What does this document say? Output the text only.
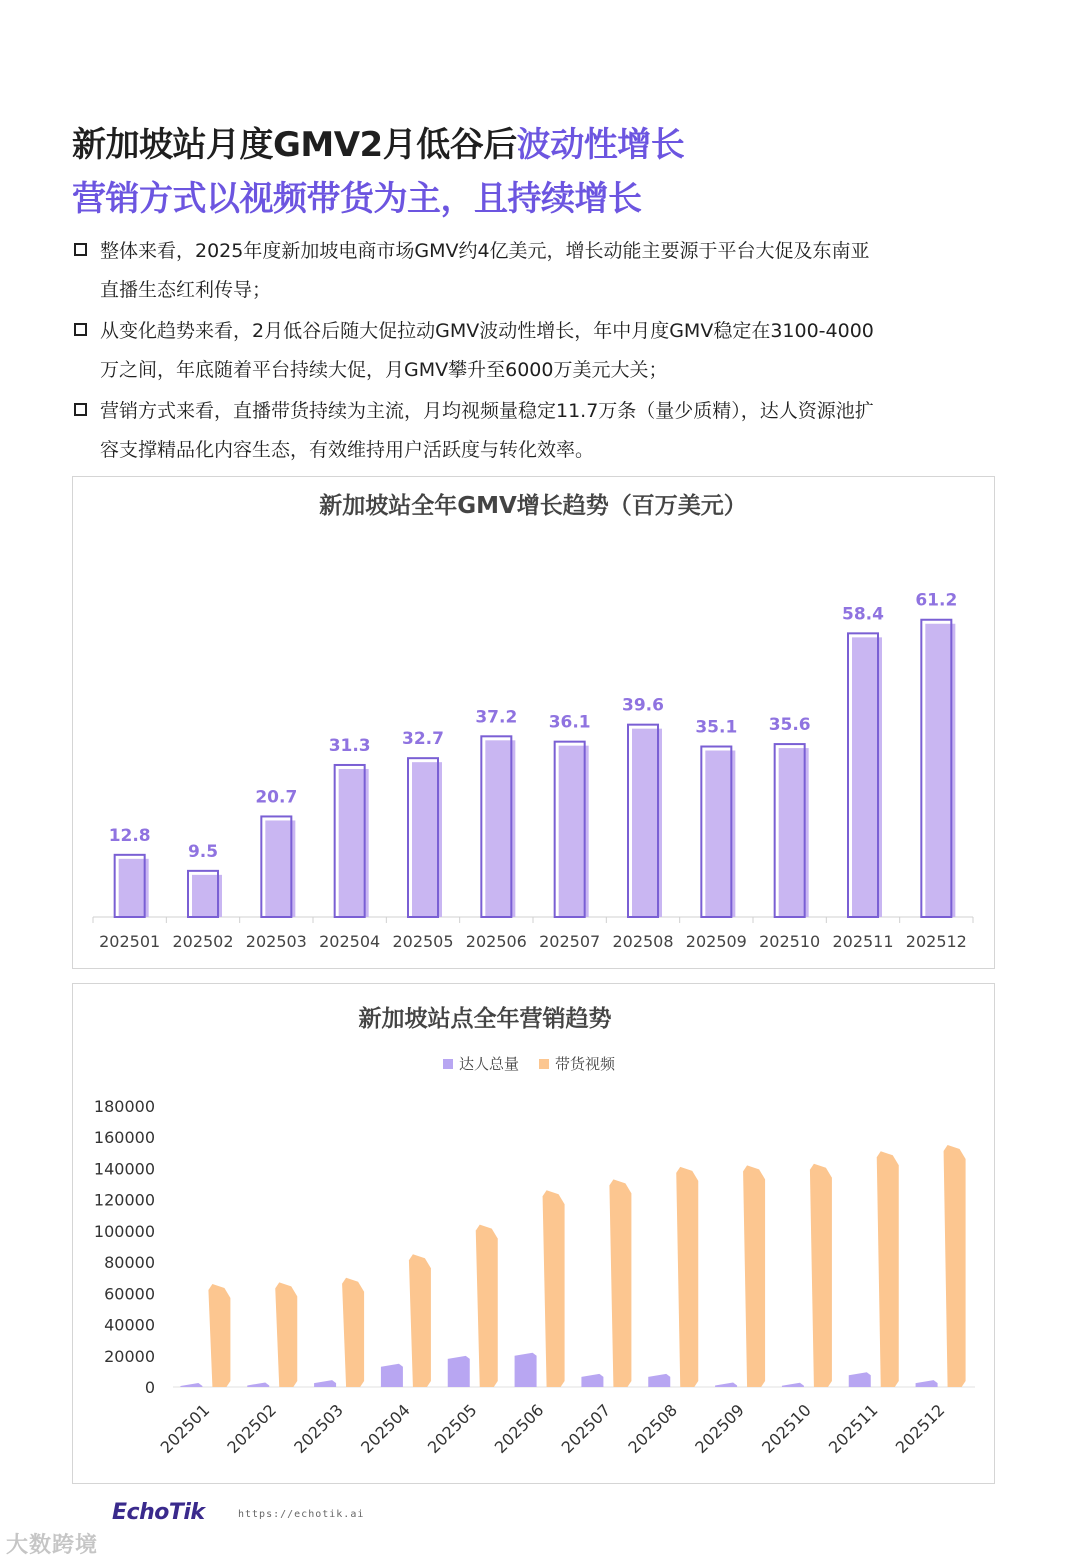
新加坡站月度GMV2月低谷后波动性增长
营销方式以视频带货为主，且持续增长
整体来看，2025年度新加坡电商市场GMV约4亿美元，增长动能主要源于平台大促及东南亚
直播生态红利传导；
从变化趋势来看，2月低谷后随大促拉动GMV波动性增长，年中月度GMV稳定在3100-4000
万之间，年底随着平台持续大促，月GMV攀升至6000万美元大关；
营销方式来看，直播带货持续为主流，月均视频量稳定11.7万条（量少质精），达人资源池扩
容支撑精品化内容生态，有效维持用户活跃度与转化效率。
新加坡站全年GMV增长趋势（百万美元）
12.8
202501
9.5
202502
20.7
202503
31.3
202504
32.7
202505
37.2
202506
36.1
202507
39.6
202508
35.1
202509
35.6
202510
58.4
202511
61.2
202512
新加坡站点全年营销趋势
达人总量 带货视频
0
20000
40000
60000
80000
100000
120000
140000
160000
180000
202501 202502 202503 202504 202505 202506 202507 202508 202509 202510 202511 202512
EchoTik	https://echotik.ai
大数跨境
